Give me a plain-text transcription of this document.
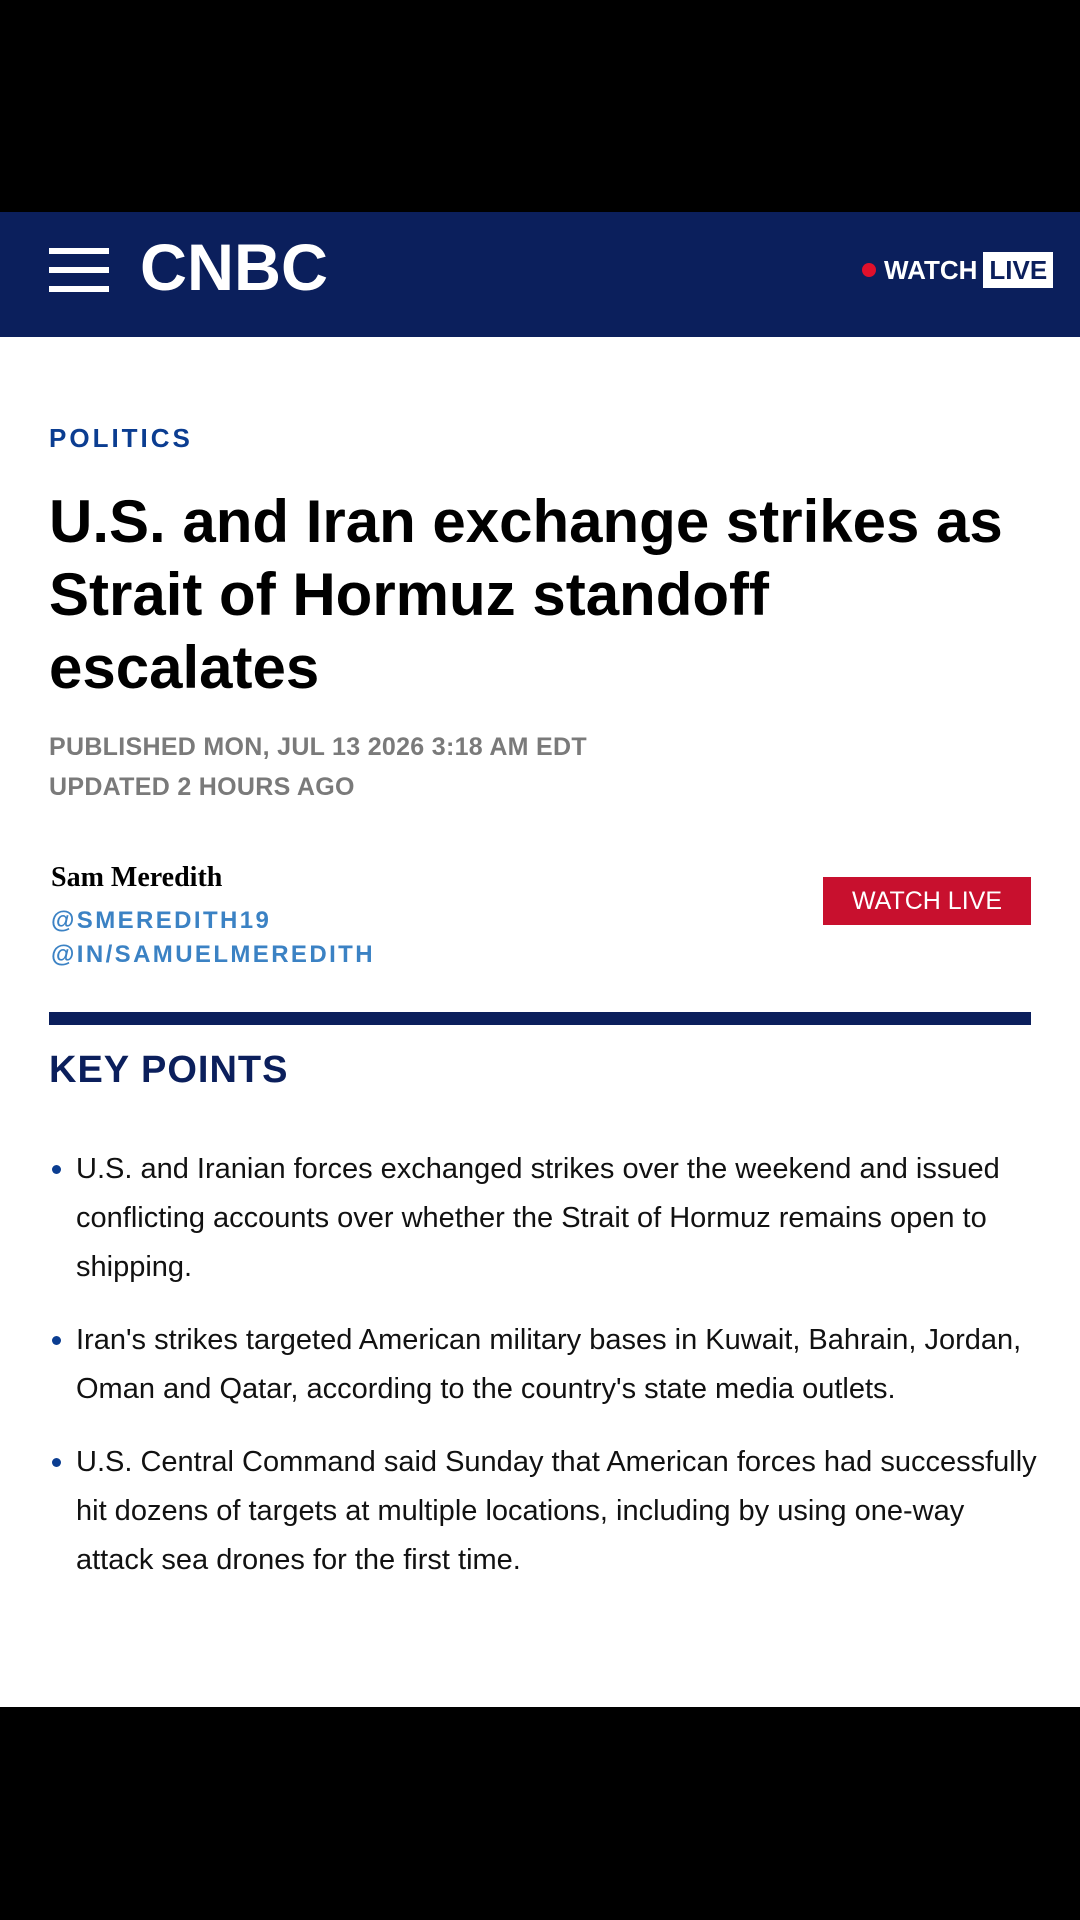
CNBC	WATCH LIVE
POLITICS
U.S. and Iran exchange strikes as Strait of Hormuz standoff escalates
PUBLISHED MON, JUL 13 2026 3:18 AM EDT
UPDATED 2 HOURS AGO
Sam Meredith
@SMEREDITH19
@IN/SAMUELMEREDITH
WATCH LIVE
KEY POINTS
U.S. and Iranian forces exchanged strikes over the weekend and issued conflicting accounts over whether the Strait of Hormuz remains open to shipping.
Iran's strikes targeted American military bases in Kuwait, Bahrain, Jordan, Oman and Qatar, according to the country's state media outlets.
U.S. Central Command said Sunday that American forces had successfully hit dozens of targets at multiple locations, including by using one-way attack sea drones for the first time.
